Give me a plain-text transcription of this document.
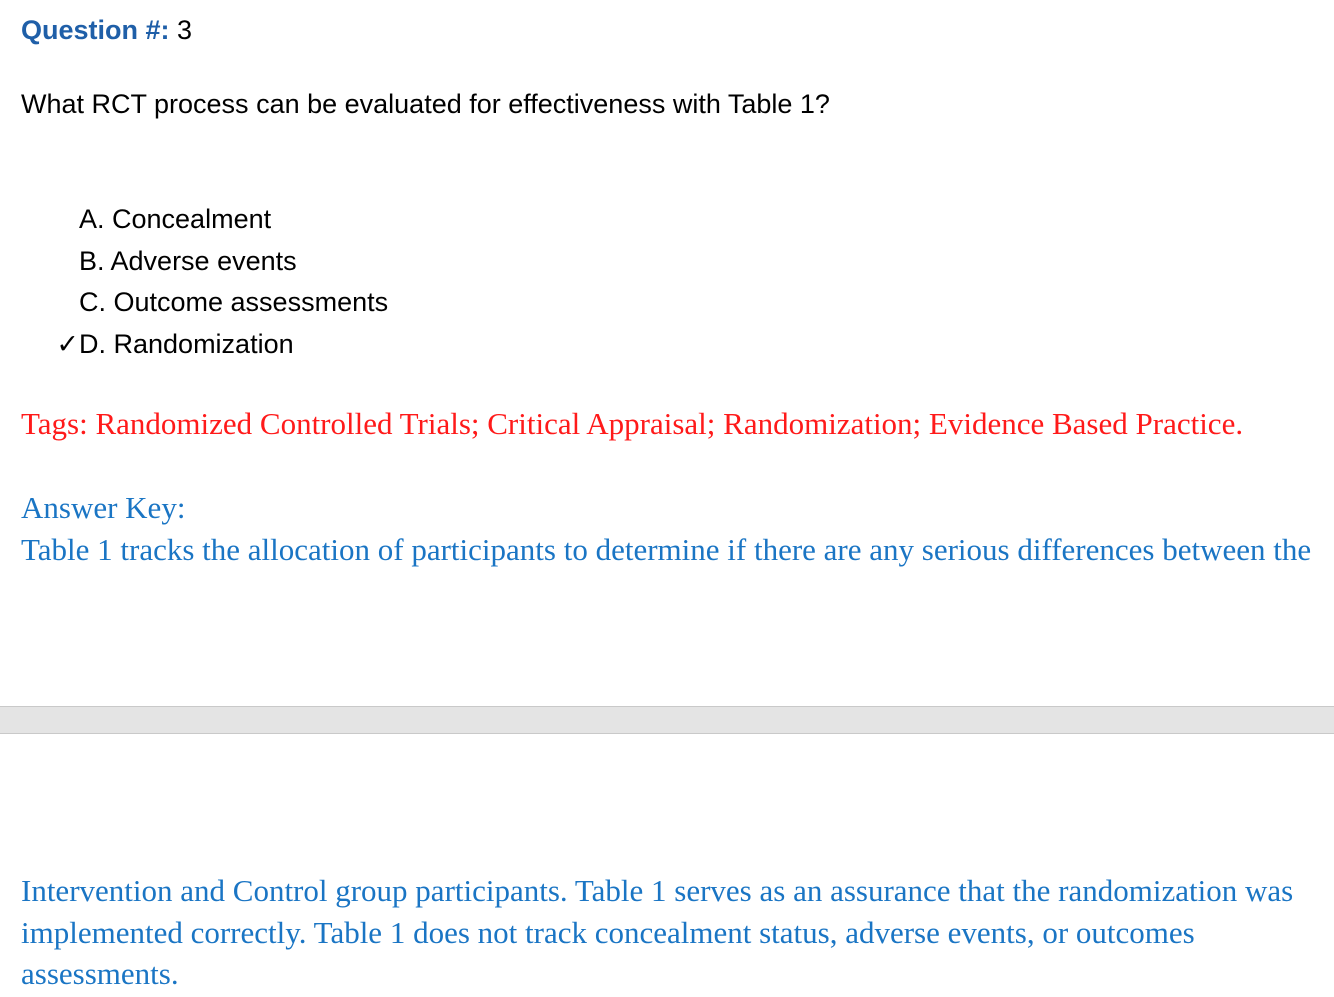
Question #: 3
What RCT process can be evaluated for effectiveness with Table 1?
A. Concealment
B. Adverse events
C. Outcome assessments
✓ D. Randomization
Tags: Randomized Controlled Trials; Critical Appraisal; Randomization; Evidence Based Practice.
Answer Key:
Table 1 tracks the allocation of participants to determine if there are any serious differences between the
Intervention and Control group participants. Table 1 serves as an assurance that the randomization was implemented correctly. Table 1 does not track concealment status, adverse events, or outcomes assessments.
